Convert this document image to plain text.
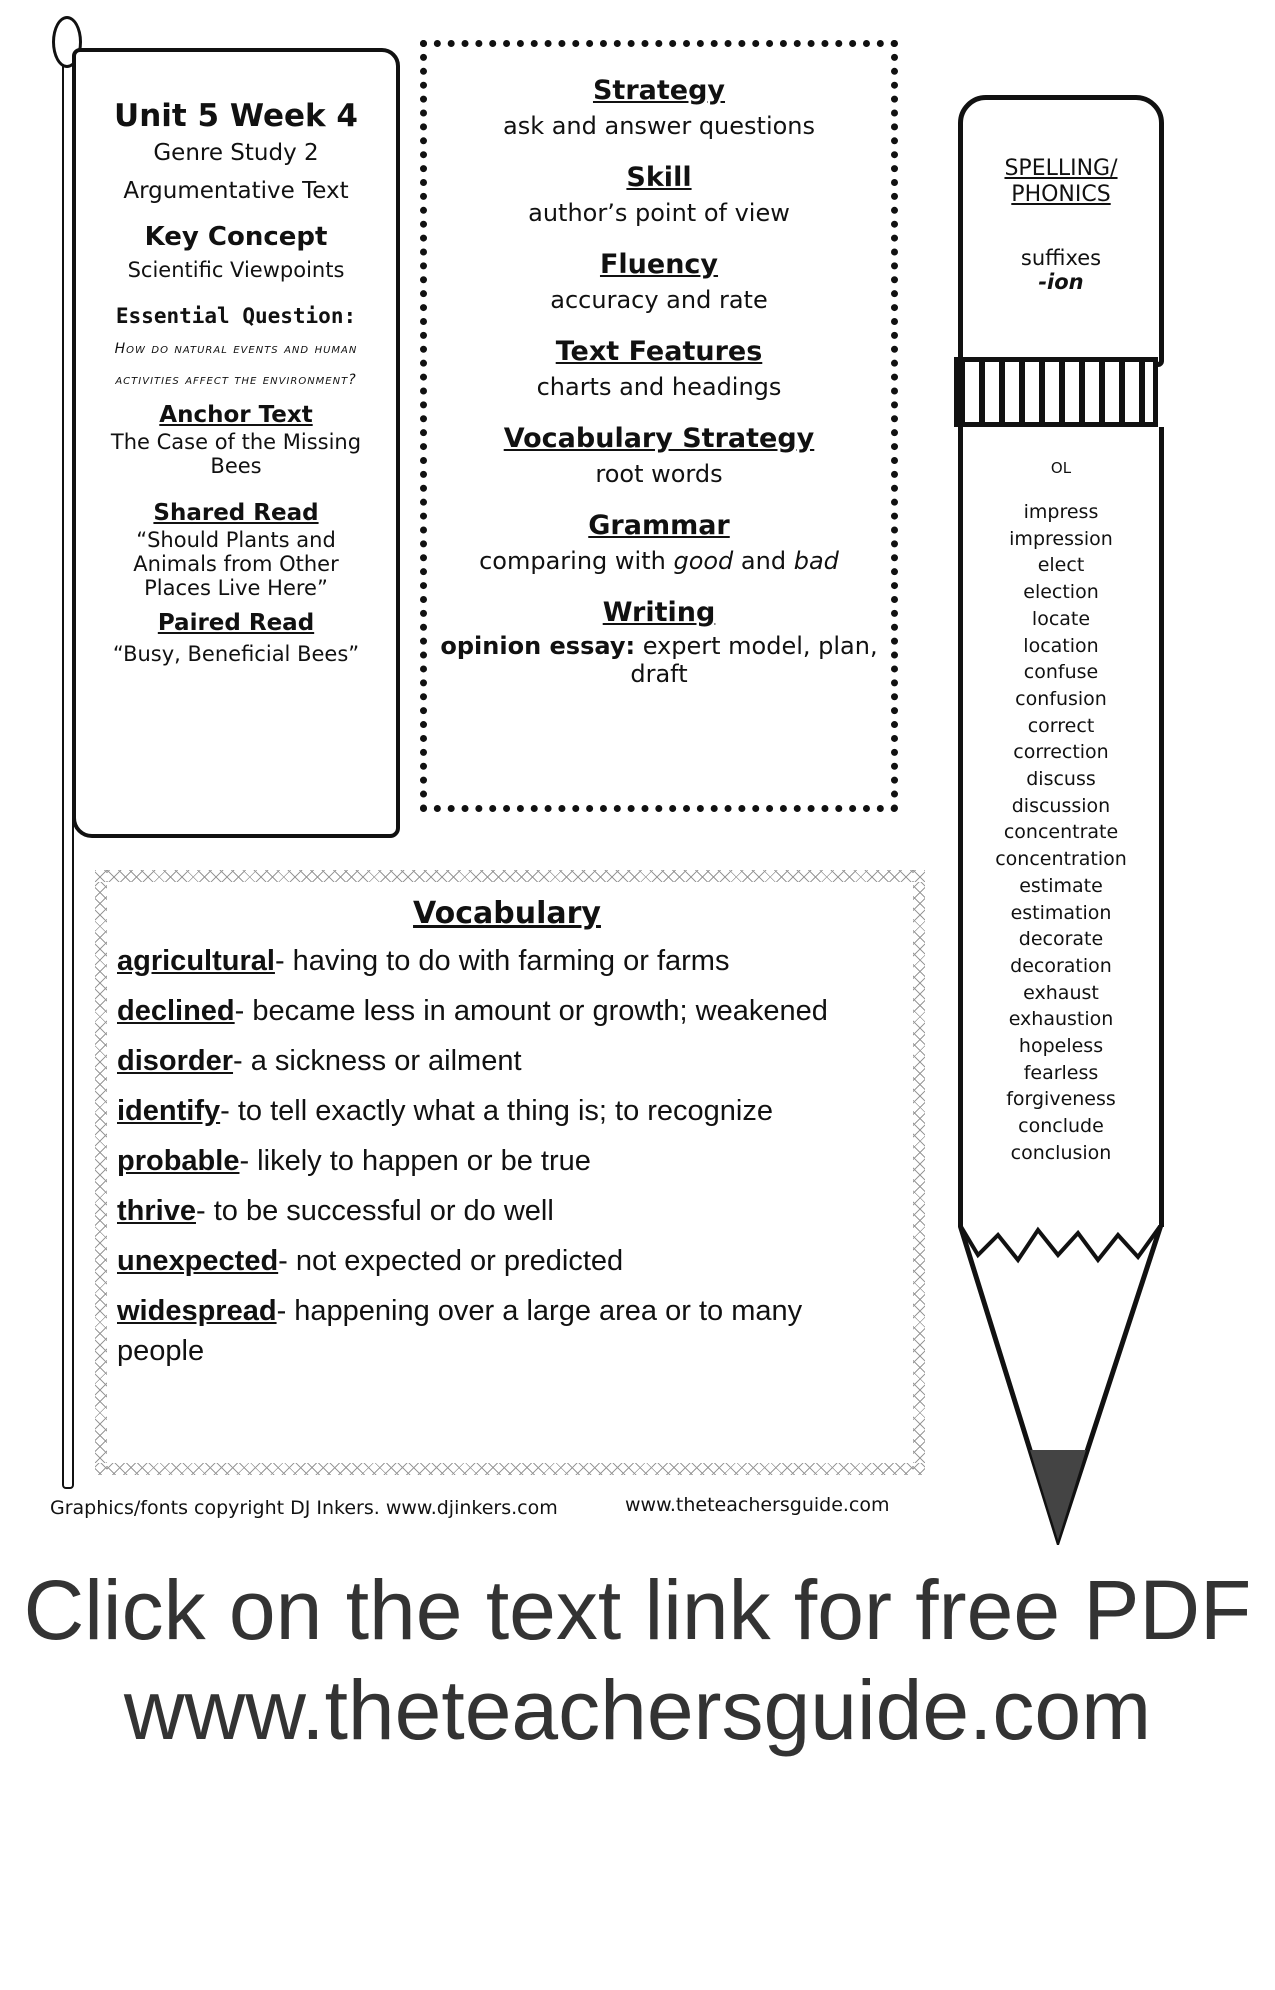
Unit 5 Week 4
Genre Study 2
Argumentative Text
Key Concept
Scientific Viewpoints
Essential Question:
How do natural events and human activities affect the environment?
Anchor Text
The Case of the Missing Bees
Shared Read
“Should Plants and Animals from Other Places Live Here”
Paired Read
“Busy, Beneficial Bees”
Strategy
ask and answer questions
Skill
author’s point of view
Fluency
accuracy and rate
Text Features
charts and headings
Vocabulary Strategy
root words
Grammar
comparing with good and bad
Writing
opinion essay: expert model, plan, draft
SPELLING/ PHONICS
suffixes
-ion
OL
impress
impression
elect
election
locate
location
confuse
confusion
correct
correction
discuss
discussion
concentrate
concentration
estimate
estimation
decorate
decoration
exhaust
exhaustion
hopeless
fearless
forgiveness
conclude
conclusion
Vocabulary
agricultural- having to do with farming or farms
declined- became less in amount or growth; weakened
disorder- a sickness or ailment
identify- to tell exactly what a thing is; to recognize
probable- likely to happen or be true
thrive- to be successful or do well
unexpected- not expected or predicted
widespread- happening over a large area or to many people
Graphics/fonts copyright DJ Inkers. www.djinkers.com	www.theteachersguide.com
Click on the text link for free PDF
www.theteachersguide.com
